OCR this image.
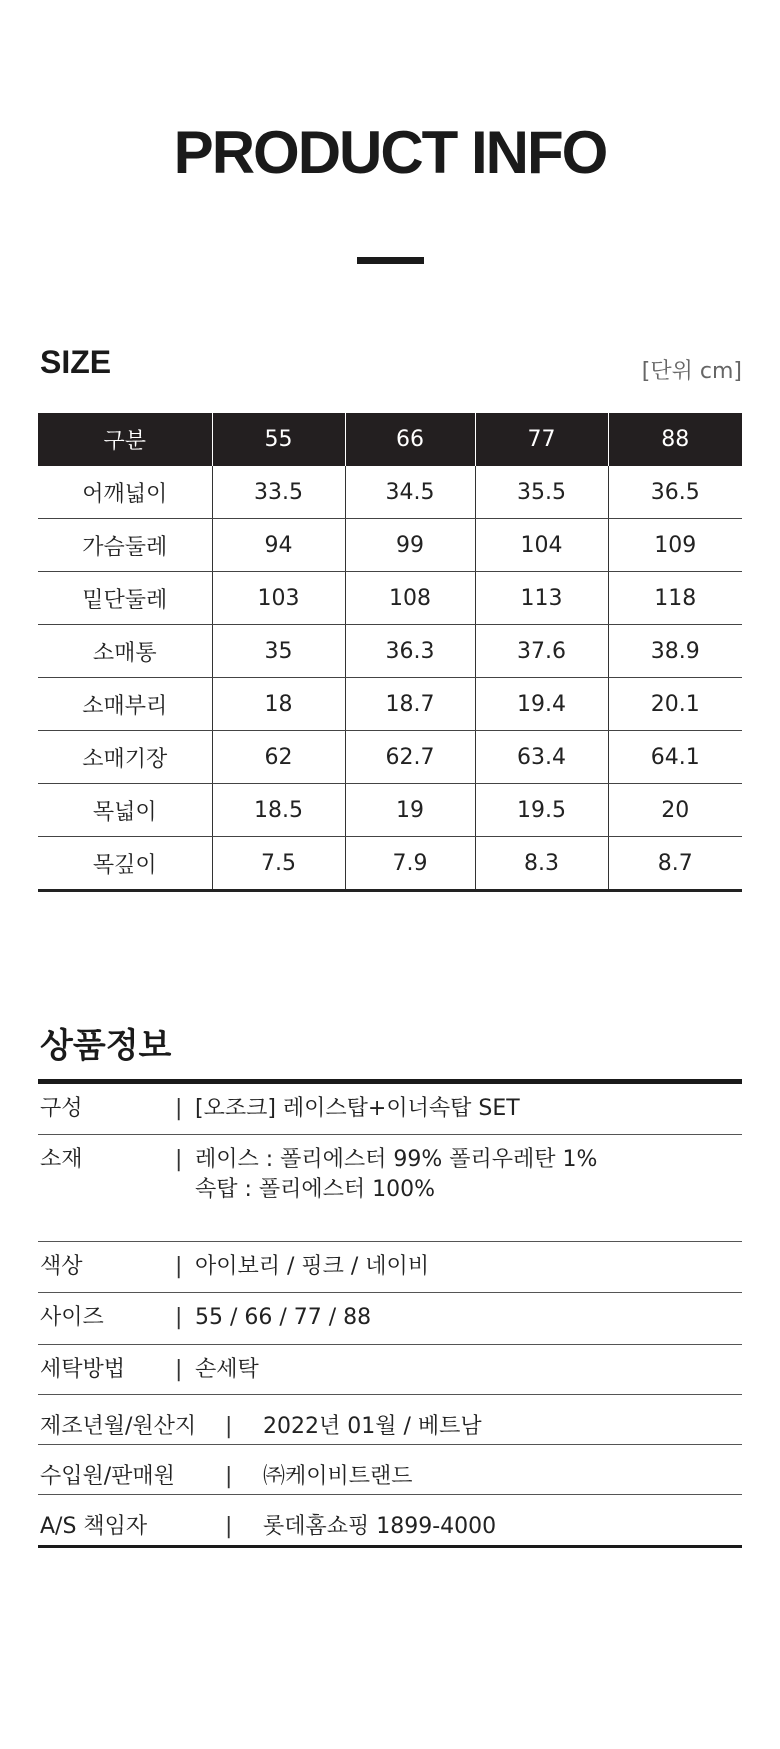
PRODUCT INFO
SIZE	[단위 cm]
구분	55	66	77	88
어깨넓이	33.5	34.5	35.5	36.5
가슴둘레	94	99	104	109
밑단둘레	103	108	113	118
소매통	35	36.3	37.6	38.9
소매부리	18	18.7	19.4	20.1
소매기장	62	62.7	63.4	64.1
목넓이	18.5	19	19.5	20
목깊이	7.5	7.9	8.3	8.7
상품정보
구성	| [오조크] 레이스탑+이너속탑 SET
소재	| 레이스 : 폴리에스터 99% 폴리우레탄 1%
속탑 : 폴리에스터 100%
색상	| 아이보리 / 핑크 / 네이비
사이즈	| 55 / 66 / 77 / 88
세탁방법	| 손세탁
제조년월/원산지	|	2022년 01월 / 베트남
수입원/판매원	|	㈜케이비트랜드
A/S 책임자	|	롯데홈쇼핑 1899-4000
